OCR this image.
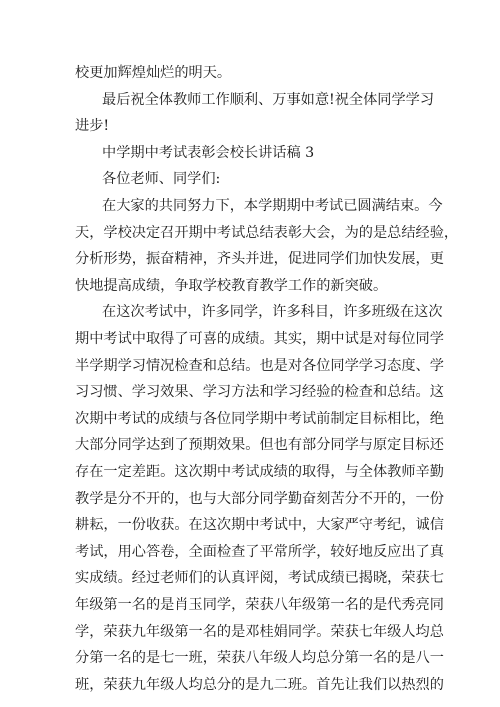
校更加辉煌灿烂的明天。
最后祝全体教师工作顺利、万事如意!祝全体同学学习
进步!
中学期中考试表彰会校长讲话稿 3
各位老师、同学们:
在大家的共同努力下，本学期期中考试已圆满结束。今
天，学校决定召开期中考试总结表彰大会，为的是总结经验，
分析形势，振奋精神，齐头并进，促进同学们加快发展，更
快地提高成绩，争取学校教育教学工作的新突破。
在这次考试中，许多同学，许多科目，许多班级在这次
期中考试中取得了可喜的成绩。其实，期中试是对每位同学
半学期学习情况检查和总结。也是对各位同学学习态度、学
习习惯、学习效果、学习方法和学习经验的检查和总结。这
次期中考试的成绩与各位同学期中考试前制定目标相比，绝
大部分同学达到了预期效果。但也有部分同学与原定目标还
存在一定差距。这次期中考试成绩的取得，与全体教师辛勤
教学是分不开的，也与大部分同学勤奋刻苦分不开的，一份
耕耘，一份收获。在这次期中考试中，大家严守考纪，诚信
考试，用心答卷，全面检查了平常所学，较好地反应出了真
实成绩。经过老师们的认真评阅，考试成绩已揭晓，荣获七
年级第一名的是肖玉同学，荣获八年级第一名的是代秀亮同
学，荣获九年级第一名的是邓桂娟同学。荣获七年级人均总
分第一名的是七一班，荣获八年级人均总分第一名的是八一
班，荣获九年级人均总分的是九二班。首先让我们以热烈的
